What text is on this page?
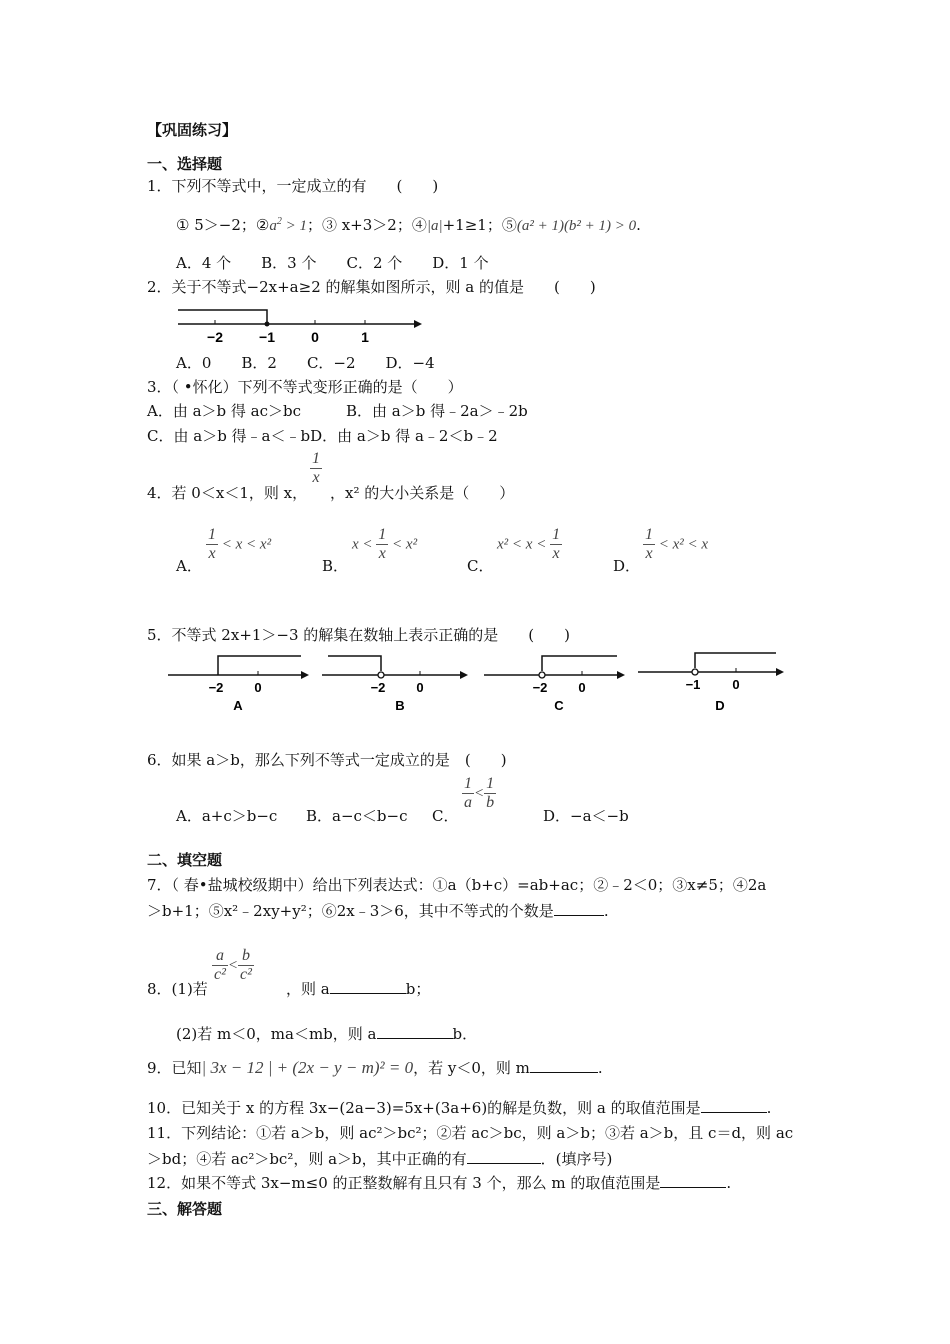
【巩固练习】
一、选择题
1．下列不等式中，一定成立的有　　(　　)
① 5＞−2；$②a^2 > 1$；③ x+3＞2；④|a|+1≥1；⑤(a² + 1)(b² + 1) > 0.
A．4 个　　B．3 个　　C．2 个　　D．1 个
2．关于不等式−2x+a≥2 的解集如图所示，则 a 的值是　　(　　)
−2	−1	0	1
A．0　　B．2　　C．−2　　D．−4
3．（ •怀化）下列不等式变形正确的是（　　）
A．由 a＞b 得 ac＞bc	B．由 a＞b 得﹣2a＞﹣2b
C．由 a＞b 得﹣a＜﹣bD．由 a＞b 得 a﹣2＜b﹣2
4．若 0＜x＜1，则 x，
$\frac{1}{x}$
，x² 的大小关系是（　　）
A．
$\frac{1}{x} < x < x^2$
B．
$x < \frac{1}{x} < x^2$
C．
$x^2 < x < \frac{1}{x}$
D．
$\frac{1}{x} < x^2 < x$
5．不等式 2x+1＞−3 的解集在数轴上表示正确的是　　(　　)
−2 0
A
−2 0
B
−2 0
C
−1 0
D
6．如果 a＞b，那么下列不等式一定成立的是　(　　)
A．a+c＞b−c B．a−c＜b−c C．
$\frac{1}{a} < \frac{1}{b}$
D．−a＜−b
二、填空题
7．（ 春•盐城校级期中）给出下列表达式：①a（b+c）=ab+ac；②﹣2＜0；③x≠5；④2a
＞b+1；⑤x²﹣2xy+y²；⑥2x﹣3＞6，其中不等式的个数是	.
8．(1)若
$\frac{a}{\text{c²}} < \frac{b}{\text{c²}}$
，则 a	b；
(2)若 m＜0，ma＜mb，则 a	b．
9．已知| 3x − 12 | + (2x − y − m)² = 0，若 y＜0，则 m	.
10．已知关于 x 的方程 3x−(2a−3)=5x+(3a+6)的解是负数，则 a 的取值范围是	.
11．下列结论：①若 a＞b，则 ac²＞bc²；②若 ac＞bc，则 a＞b；③若 a＞b，且 c＝d，则 ac
＞bd；④若 ac²＞bc²，则 a＞b，其中正确的有	．(填序号)
12．如果不等式 3x−m≤0 的正整数解有且只有 3 个，那么 m 的取值范围是	.
三、解答题
